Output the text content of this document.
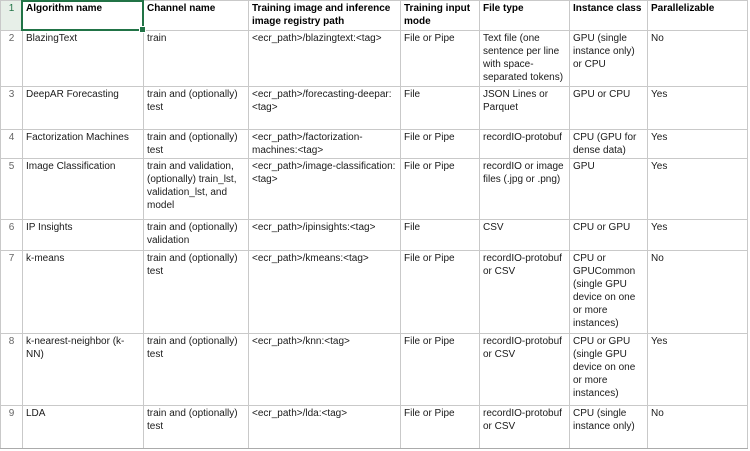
1	Algorithm name	Channel name	Training image and inference image registry path	Training input mode	File type	Instance class	Parallelizable
2	BlazingText	train	<ecr_path>/blazingtext:<tag>	File or Pipe	Text file (one sentence per line with space-separated tokens)	GPU (single instance only) or CPU	No
3	DeepAR Forecasting	train and (optionally) test	<ecr_path>/forecasting-deepar:<tag>	File	JSON Lines or Parquet	GPU or CPU	Yes
4	Factorization Machines	train and (optionally) test	<ecr_path>/factorization-machines:<tag>	File or Pipe	recordIO-protobuf	CPU (GPU for dense data)	Yes
5	Image Classification	train and validation, (optionally) train_lst, validation_lst, and model	<ecr_path>/image-classification:<tag>	File or Pipe	recordIO or image files (.jpg or .png)	GPU	Yes
6	IP Insights	train and (optionally) validation	<ecr_path>/ipinsights:<tag>	File	CSV	CPU or GPU	Yes
7	k-means	train and (optionally) test	<ecr_path>/kmeans:<tag>	File or Pipe	recordIO-protobuf or CSV	CPU or GPUCommon (single GPU device on one or more instances)	No
8	k-nearest-neighbor (k-NN)	train and (optionally) test	<ecr_path>/knn:<tag>	File or Pipe	recordIO-protobuf or CSV	CPU or GPU (single GPU device on one or more instances)	Yes
9	LDA	train and (optionally) test	<ecr_path>/lda:<tag>	File or Pipe	recordIO-protobuf or CSV	CPU (single instance only)	No
